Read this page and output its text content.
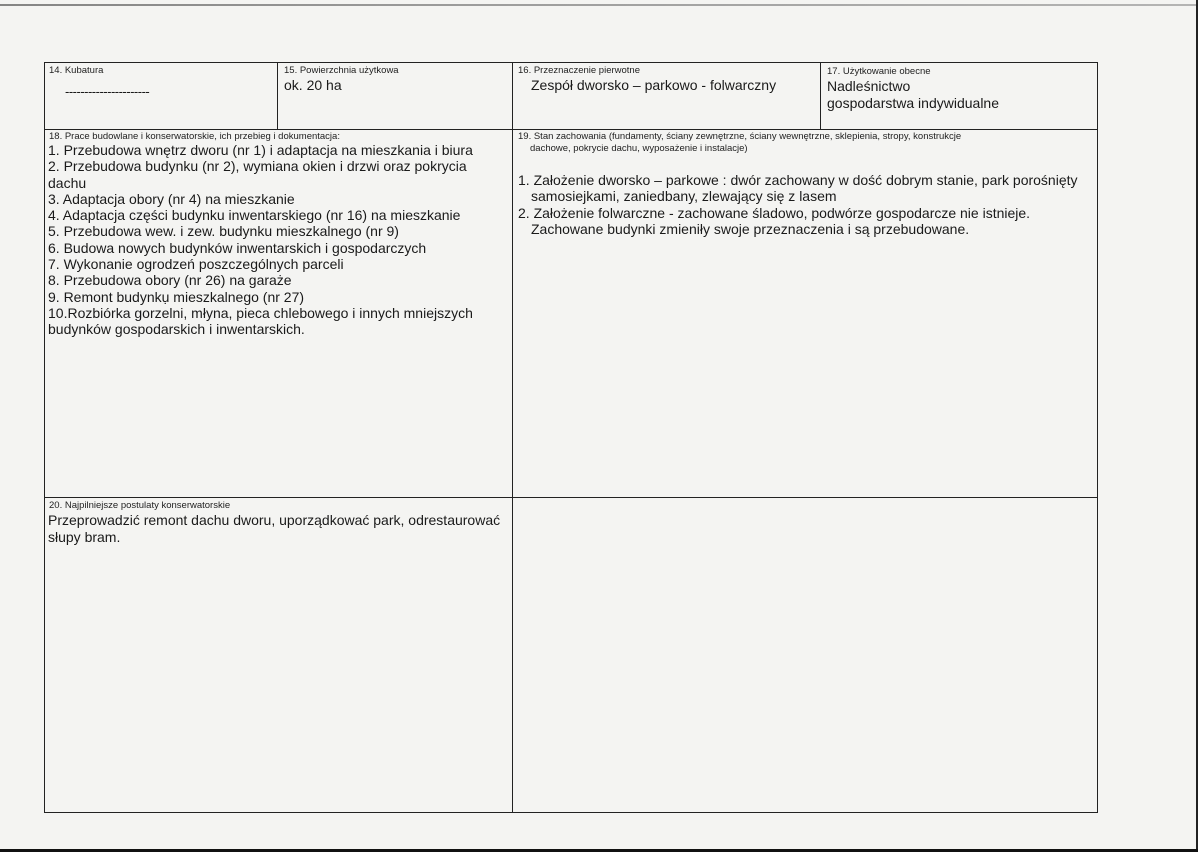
14. Kubatura
----------------------
15. Powierzchnia użytkowa
ok. 20 ha
16. Przeznaczenie pierwotne
Zespół dworsko – parkowo - folwarczny
17. Użytkowanie obecne
Nadleśnictwo
gospodarstwa indywidualne
18. Prace budowlane i konserwatorskie, ich przebieg i dokumentacja:
1. Przebudowa wnętrz dworu (nr 1) i adaptacja na mieszkania i biura
2. Przebudowa budynku (nr 2), wymiana okien i drzwi oraz pokrycia
dachu
3. Adaptacja obory (nr 4) na mieszkanie
4. Adaptacja części budynku inwentarskiego (nr 16) na mieszkanie
5. Przebudowa wew. i zew. budynku mieszkalnego (nr 9)
6. Budowa nowych budynków inwentarskich i gospodarczych
7. Wykonanie ogrodzeń poszczególnych parceli
8. Przebudowa obory (nr 26) na garaże
9. Remont budynkụ mieszkalnego (nr 27)
10.Rozbiórka gorzelni, młyna, pieca chlebowego i innych mniejszych
budynków gospodarskich i inwentarskich.
19. Stan zachowania (fundamenty, ściany zewnętrzne, ściany wewnętrzne, sklepienia, stropy, konstrukcje
dachowe, pokrycie dachu, wyposażenie i instalacje)
1. Założenie dworsko – parkowe : dwór zachowany w dość dobrym stanie, park porośnięty
samosiejkami, zaniedbany, zlewający się z lasem
2. Założenie folwarczne - zachowane śladowo, podwórze gospodarcze nie istnieje.
Zachowane budynki zmieniły swoje przeznaczenia i są przebudowane.
20. Najpilniejsze postulaty konserwatorskie
Przeprowadzić remont dachu dworu, uporządkować park, odrestaurować
słupy bram.
